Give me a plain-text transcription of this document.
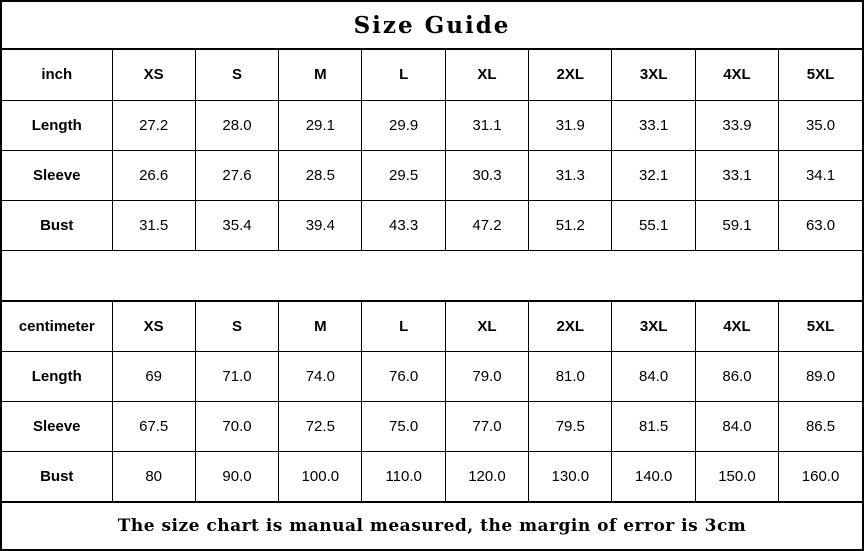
Size Guide
inch	XS	S	M	L	XL	2XL	3XL	4XL	5XL
Length	27.2	28.0	29.1	29.9	31.1	31.9	33.1	33.9	35.0
Sleeve	26.6	27.6	28.5	29.5	30.3	31.3	32.1	33.1	34.1
Bust	31.5	35.4	39.4	43.3	47.2	51.2	55.1	59.1	63.0
centimeter	XS	S	M	L	XL	2XL	3XL	4XL	5XL
Length	69	71.0	74.0	76.0	79.0	81.0	84.0	86.0	89.0
Sleeve	67.5	70.0	72.5	75.0	77.0	79.5	81.5	84.0	86.5
Bust	80	90.0	100.0	110.0	120.0	130.0	140.0	150.0	160.0
The size chart is manual measured, the margin of error is 3cm
